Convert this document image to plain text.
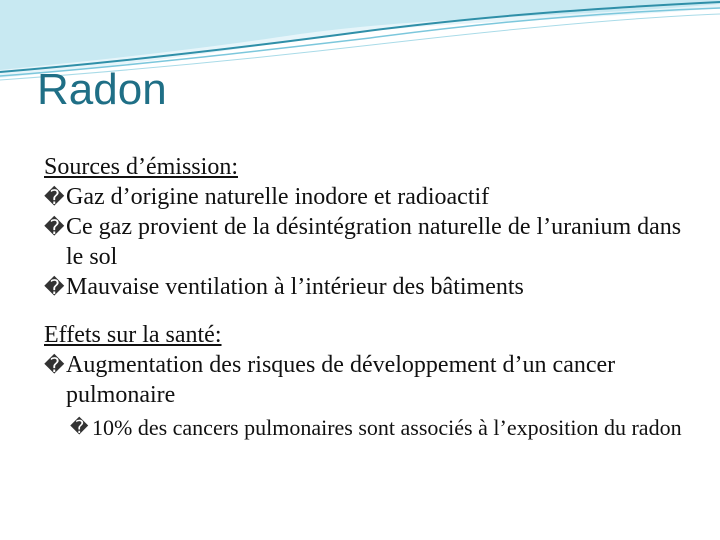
Radon
Sources d’émission:
� Gaz d’origine naturelle inodore et radioactif
� Ce gaz provient de la désintégration naturelle de l’uranium dans le sol
� Mauvaise ventilation à l’intérieur des bâtiments
Effets sur la santé:
� Augmentation des risques de développement d’un cancer pulmonaire
� 10% des cancers pulmonaires sont associés à l’exposition du radon
